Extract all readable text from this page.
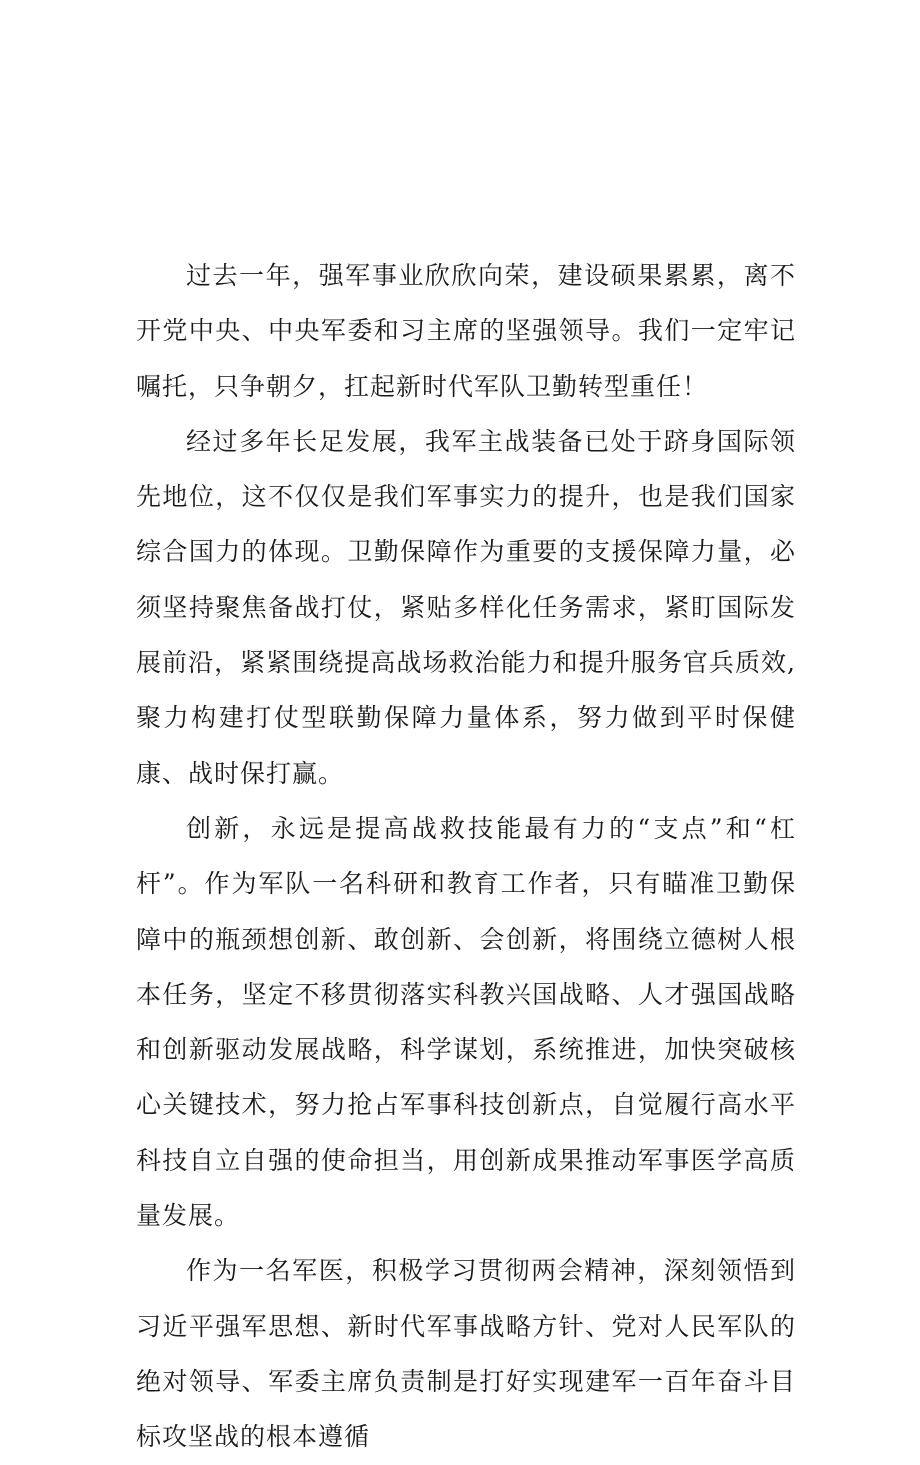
过去一年，强军事业欣欣向荣，建设硕果累累，离不开党中央、中央军委和习主席的坚强领导。我们一定牢记嘱托，只争朝夕，扛起新时代军队卫勤转型重任！

经过多年长足发展，我军主战装备已处于跻身国际领先地位，这不仅仅是我们军事实力的提升，也是我们国家综合国力的体现。卫勤保障作为重要的支援保障力量，必须坚持聚焦备战打仗，紧贴多样化任务需求，紧盯国际发展前沿，紧紧围绕提高战场救治能力和提升服务官兵质效,聚力构建打仗型联勤保障力量体系，努力做到平时保健康、战时保打赢。

创新，永远是提高战救技能最有力的“支点”和“杠杆”。作为军队一名科研和教育工作者，只有瞄准卫勤保障中的瓶颈想创新、敢创新、会创新，将围绕立德树人根本任务，坚定不移贯彻落实科教兴国战略、人才强国战略和创新驱动发展战略，科学谋划，系统推进，加快突破核心关键技术，努力抢占军事科技创新点，自觉履行高水平科技自立自强的使命担当，用创新成果推动军事医学高质量发展。

作为一名军医，积极学习贯彻两会精神，深刻领悟到习近平强军思想、新时代军事战略方针、党对人民军队的绝对领导、军委主席负责制是打好实现建军一百年奋斗目标攻坚战的根本遵循
